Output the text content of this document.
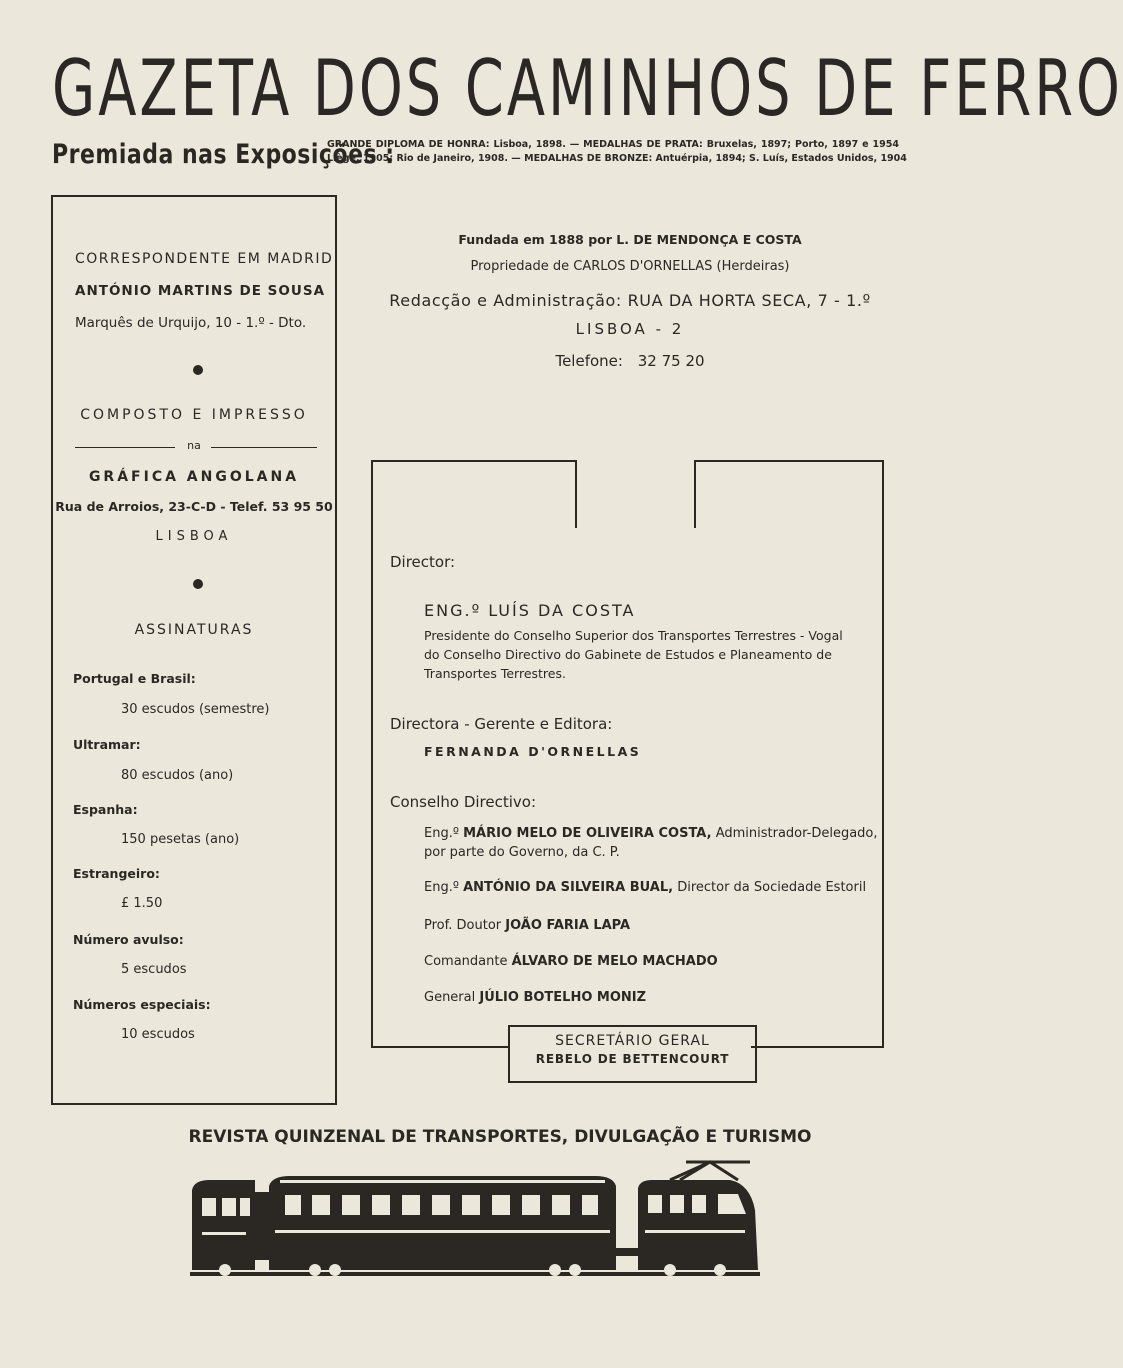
GAZETA DOS CAMINHOS DE FERRO
Premiada nas Exposições :
GRANDE DIPLOMA DE HONRA: Lisboa, 1898. — MEDALHAS DE PRATA: Bruxelas, 1897; Porto, 1897 e 1954
Liège, 1905; Rio de Janeiro, 1908. — MEDALHAS DE BRONZE: Antuérpia, 1894; S. Luís, Estados Unidos, 1904
CORRESPONDENTE EM MADRID
ANTÓNIO MARTINS DE SOUSA
Marquês de Urquijo, 10 - 1.º - Dto.
COMPOSTO E IMPRESSO
na
GRÁFICA ANGOLANA
Rua de Arroios, 23-C-D - Telef. 53 95 50
LISBOA
ASSINATURAS
Portugal e Brasil:
30 escudos (semestre)
Ultramar:
80 escudos (ano)
Espanha:
150 pesetas (ano)
Estrangeiro:
£ 1.50
Número avulso:
5 escudos
Números especiais:
10 escudos
Fundada em 1888 por L. DE MENDONÇA E COSTA
Propriedade de CARLOS D'ORNELLAS (Herdeiras)
Redacção e Administração: RUA DA HORTA SECA, 7 - 1.º
LISBOA - 2
Telefone: 32 75 20
Director:
ENG.º LUÍS DA COSTA
Presidente do Conselho Superior dos Transportes Terrestres - Vogal
do Conselho Directivo do Gabinete de Estudos e Planeamento de
Transportes Terrestres.
Directora - Gerente e Editora:
FERNANDA D'ORNELLAS
Conselho Directivo:
Eng.º MÁRIO MELO DE OLIVEIRA COSTA, Administrador-Delegado,
por parte do Governo, da C. P.
Eng.º ANTÓNIO DA SILVEIRA BUAL, Director da Sociedade Estoril
Prof. Doutor JOÃO FARIA LAPA
Comandante ÁLVARO DE MELO MACHADO
General JÚLIO BOTELHO MONIZ
SECRETÁRIO GERAL
REBELO DE BETTENCOURT
REVISTA QUINZENAL DE TRANSPORTES, DIVULGAÇÃO E TURISMO
